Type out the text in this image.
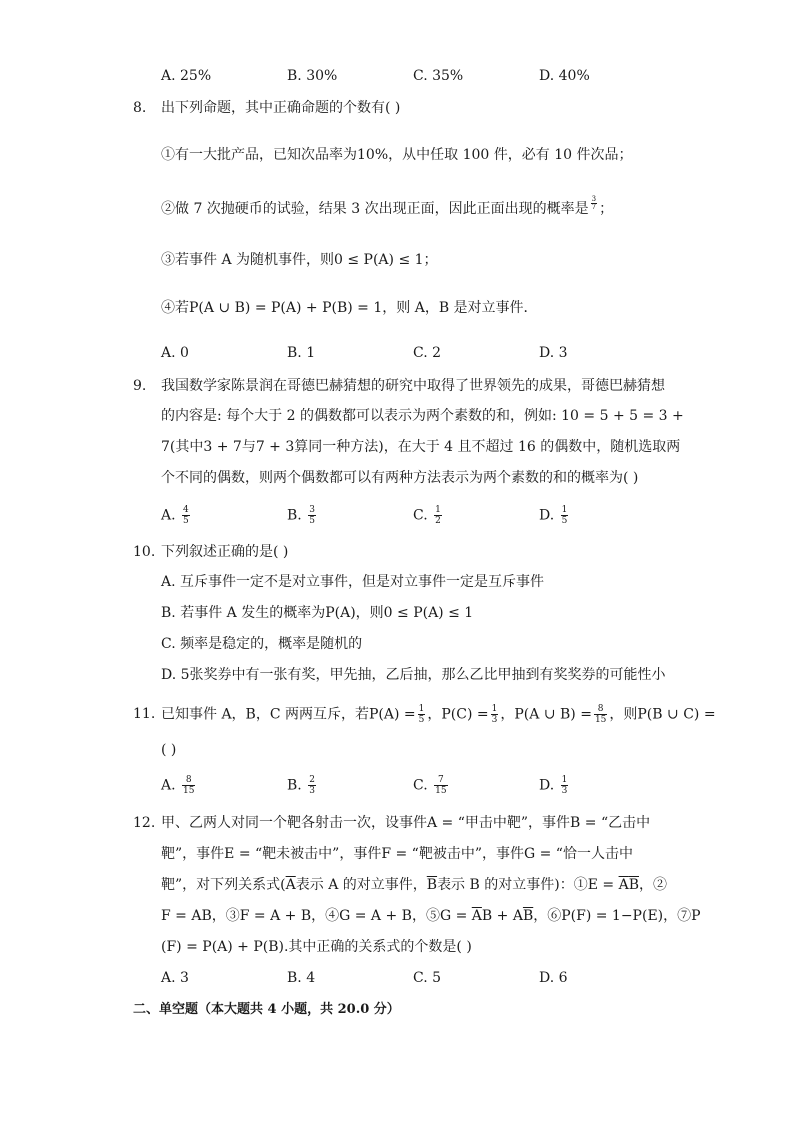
A. 25%	B. 30%	C. 35%	D. 40%
8. 出下列命题，其中正确命题的个数有( )
①有一大批产品，已知次品率为10%，从中任取 100 件，必有 10 件次品；
②做 7 次抛硬币的试验，结果 3 次出现正面，因此正面出现的概率是 $\frac{3}{7}$ ；
③若事件 A 为随机事件，则0 ≤ P(A) ≤ 1；
④若P(A ∪ B) = P(A) + P(B) = 1，则 A，B 是对立事件．
A. 0	B. 1	C. 2	D. 3
9. 我国数学家陈景润在哥德巴赫猜想的研究中取得了世界领先的成果，哥德巴赫猜想
的内容是: 每个大于 2 的偶数都可以表示为两个素数的和，例如: 10 = 5 + 5 = 3 +
7(其中3 + 7与7 + 3算同一种方法)，在大于 4 且不超过 16 的偶数中，随机选取两
个不同的偶数，则两个偶数都可以有两种方法表示为两个素数的和的概率为( )
A. $\frac{4}{5}$	B. $\frac{3}{5}$	C. $\frac{1}{2}$	D. $\frac{1}{5}$
10. 下列叙述正确的是( )
A. 互斥事件一定不是对立事件，但是对立事件一定是互斥事件
B. 若事件 A 发生的概率为P(A)，则0 ≤ P(A) ≤ 1
C. 频率是稳定的，概率是随机的
D. 5张奖券中有一张有奖，甲先抽，乙后抽，那么乙比甲抽到有奖奖券的可能性小
11. 已知事件 A，B，C 两两互斥，若$P(A) = \frac{1}{5}$ ，$P(C) = \frac{1}{3}$ ，P(A ∪ $B) = \frac{8}{15}$ ，则P(B ∪ C) =
( )
A. $\frac{8}{15}$	B. $\frac{2}{3}$	C. $\frac{7}{15}$	D. $\frac{1}{3}$
12. 甲、乙两人对同一个靶各射击一次，设事件A = “甲击中靶”，事件B = “乙击中
靶”，事件E = “靶未被击中”，事件F = “靶被击中”，事件G = “恰一人击中
靶”，对下列关系式($\overline{A}$表示 A 的对立事件，$\overline{B}$表示 B 的对立事件)：①E = $\overline{A}\overline{B}$，②
F = AB，③F = A + B，④G = A + B，⑤G = $\overline{A}B + A\overline{B}$，⑥P(F) = 1−P(E)，⑦P
(F) = P(A) + P(B).其中正确的关系式的个数是( )
A. 3	B. 4	C. 5	D. 6
二、单空题（本大题共 4 小题，共 20.0 分）
